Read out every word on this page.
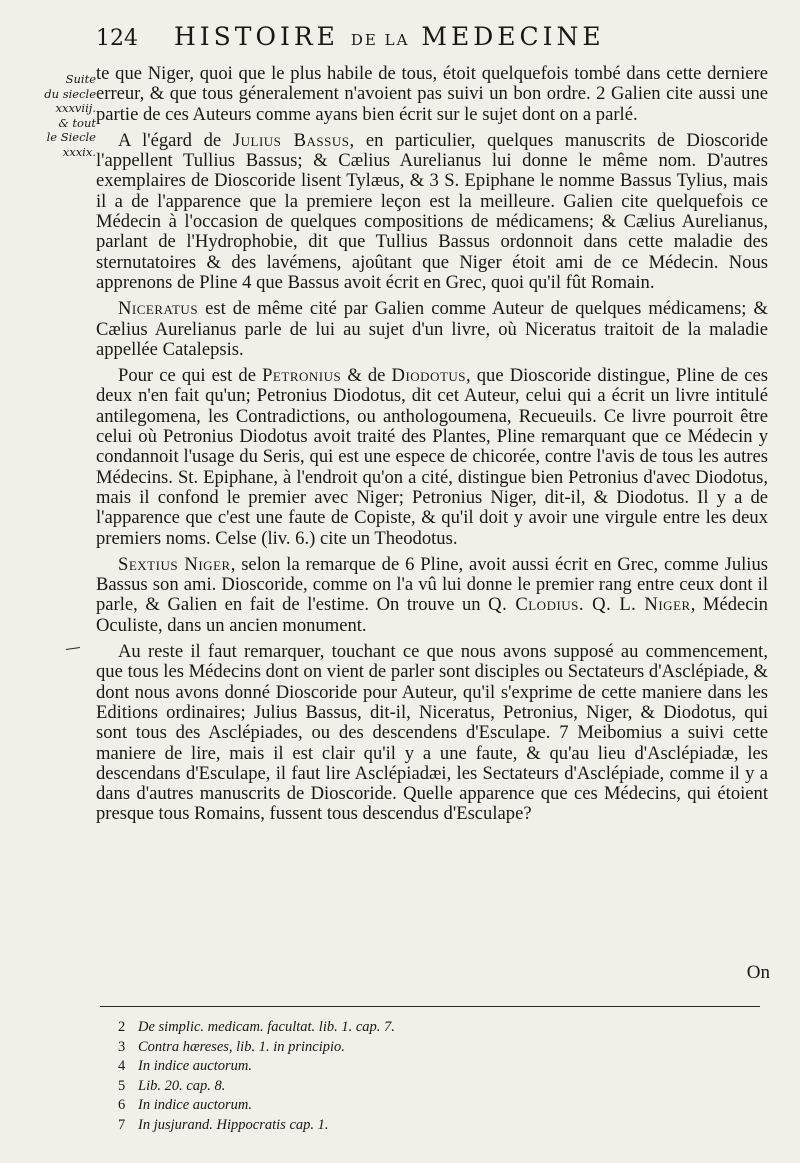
124 HISTOIRE DE LA MEDECINE
Suite
du siecle
xxxviij.
& tout
le Siecle
xxxix.

te que Niger, quoi que le plus habile de tous, étoit quelquefois tombé dans cette derniere erreur, & que tous géneralement n'avoient pas suivi un bon ordre. 2 Galien cite aussi une partie de ces Auteurs comme ayans bien écrit sur le sujet dont on a parlé.

A l'égard de Julius Bassus, en particulier, quelques manuscrits de Dioscoride l'appellent Tullius Bassus; & Cælius Aurelianus lui donne le même nom. D'autres exemplaires de Dioscoride lisent Tylæus, & 3 S. Epiphane le nomme Bassus Tylius, mais il a de l'apparence que la premiere leçon est la meilleure. Galien cite quelquefois ce Médecin à l'occasion de quelques compositions de médicamens; & Cælius Aurelianus, parlant de l'Hydrophobie, dit que Tullius Bassus ordonnoit dans cette maladie des sternutatoires & des lavémens, ajoûtant que Niger étoit ami de ce Médecin. Nous apprenons de Pline 4 que Bassus avoit écrit en Grec, quoi qu'il fût Romain.

Niceratus est de même cité par Galien comme Auteur de quelques médicamens; & Cælius Aurelianus parle de lui au sujet d'un livre, où Niceratus traitoit de la maladie appellée Catalepsis.

Pour ce qui est de Petronius & de Diodotus, que Dioscoride distingue, Pline de ces deux n'en fait qu'un; Petronius Diodotus, dit cet Auteur, celui qui a écrit un livre intitulé antilegomena, les Contradictions, ou anthologoumena, Recueuils. Ce livre pourroit être celui où Petronius Diodotus avoit traité des Plantes, Pline remarquant que ce Médecin y condannoit l'usage du Seris, qui est une espece de chicorée, contre l'avis de tous les autres Médecins. St. Epiphane, à l'endroit qu'on a cité, distingue bien Petronius d'avec Diodotus, mais il confond le premier avec Niger; Petronius Niger, dit-il, & Diodotus. Il y a de l'apparence que c'est une faute de Copiste, & qu'il doit y avoir une virgule entre les deux premiers noms. Celse (liv. 6.) cite un Theodotus.

Sextius Niger, selon la remarque de 6 Pline, avoit aussi écrit en Grec, comme Julius Bassus son ami. Dioscoride, comme on l'a vû lui donne le premier rang entre ceux dont il parle, & Galien en fait de l'estime. On trouve un Q. Clodius. Q. L. Niger, Médecin Oculiste, dans un ancien monument.

Au reste il faut remarquer, touchant ce que nous avons supposé au commencement, que tous les Médecins dont on vient de parler sont disciples ou Sectateurs d'Asclépiade, & dont nous avons donné Dioscoride pour Auteur, qu'il s'exprime de cette maniere dans les Editions ordinaires; Julius Bassus, dit-il, Niceratus, Petronius, Niger, & Diodotus, qui sont tous des Asclépiades, ou des descendens d'Esculape. 7 Meibomius a suivi cette maniere de lire, mais il est clair qu'il y a une faute, & qu'au lieu d'Asclépiadæ, les descendans d'Esculape, il faut lire Asclépiadæi, les Sectateurs d'Asclépiade, comme il y a dans d'autres manuscrits de Dioscoride. Quelle apparence que ces Médecins, qui étoient presque tous Romains, fussent tous descendus d'Esculape?

On
2 De simplic. medicam. facultat. lib. 1. cap. 7.
3 Contra hæreses, lib. 1. in principio.
4 In indice auctorum.
5 Lib. 20. cap. 8.
6 In indice auctorum.
7 In jusjurand. Hippocratis cap. 1.
